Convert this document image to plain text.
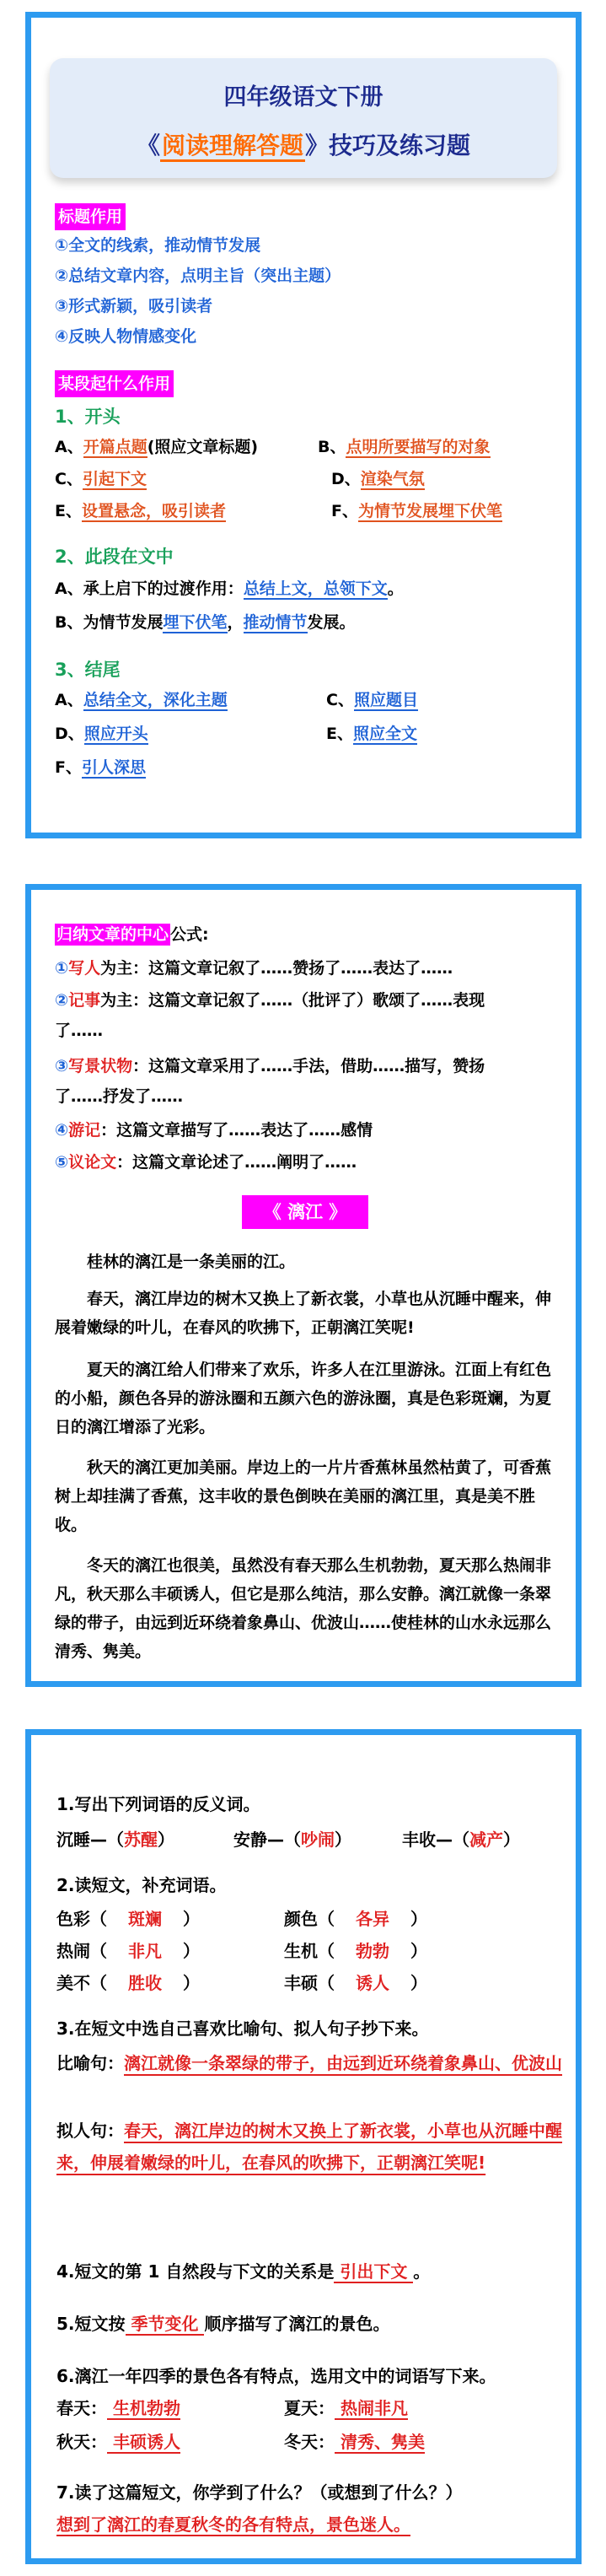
四年级语文下册
《阅读理解答题》技巧及练习题
标题作用
①全文的线索，推动情节发展
②总结文章内容，点明主旨（突出主题）
③形式新颖，吸引读者
④反映人物情感变化
某段起什么作用
1、开头
A、开篇点题(照应文章标题)	B、点明所要描写的对象
C、引起下文	D、渲染气氛
E、设置悬念，吸引读者	F、为情节发展埋下伏笔
2、此段在文中
A、承上启下的过渡作用：总结上文，总领下文。
B、为情节发展埋下伏笔，推动情节发展。
3、结尾
A、总结全文，深化主题	C、照应题目
D、照应开头	E、照应全文
F、引人深思
归纳文章的中心 公式:
①写人为主：这篇文章记叙了……赞扬了……表达了……
②记事为主：这篇文章记叙了……（批评了）歌颂了……表现
了……
③写景状物：这篇文章采用了……手法，借助……描写，赞扬
了……抒发了……
④游记：这篇文章描写了……表达了……感情
⑤议论文：这篇文章论述了……阐明了……
《 漓江 》
桂林的漓江是一条美丽的江。
春天，漓江岸边的树木又换上了新衣裳，小草也从沉睡中醒来，伸展着嫩绿的叶儿，在春风的吹拂下，正朝漓江笑呢!
夏天的漓江给人们带来了欢乐，许多人在江里游泳。江面上有红色的小船，颜色各异的游泳圈和五颜六色的游泳圈，真是色彩斑斓，为夏日的漓江增添了光彩。
秋天的漓江更加美丽。岸边上的一片片香蕉林虽然枯黄了，可香蕉树上却挂满了香蕉，这丰收的景色倒映在美丽的漓江里，真是美不胜收。
冬天的漓江也很美，虽然没有春天那么生机勃勃，夏天那么热闹非凡，秋天那么丰硕诱人，但它是那么纯洁，那么安静。漓江就像一条翠绿的带子，由远到近环绕着象鼻山、优波山……使桂林的山水永远那么清秀、隽美。
1.写出下列词语的反义词。
沉睡—（苏醒）	安静—（吵闹）	丰收—（减产）
2.读短文，补充词语。
色彩（ 斑斓 ）	颜色（ 各异 ）
热闹（ 非凡 ）	生机（ 勃勃 ）
美不（ 胜收 ）	丰硕（ 诱人 ）
3.在短文中选自己喜欢比喻句、拟人句子抄下来。
比喻句：漓江就像一条翠绿的带子，由远到近环绕着象鼻山、优波山
拟人句：春天，漓江岸边的树木又换上了新衣裳，小草也从沉睡中醒来，伸展着嫩绿的叶儿，在春风的吹拂下，正朝漓江笑呢!
4.短文的第 1 自然段与下文的关系是 引出下文 。
5.短文按 季节变化 顺序描写了漓江的景色。
6.漓江一年四季的景色各有特点，选用文中的词语写下来。
春天： 生机勃勃	夏天： 热闹非凡
秋天： 丰硕诱人	冬天： 清秀、隽美
7.读了这篇短文，你学到了什么？（或想到了什么？）
想到了漓江的春夏秋冬的各有特点，景色迷人。
